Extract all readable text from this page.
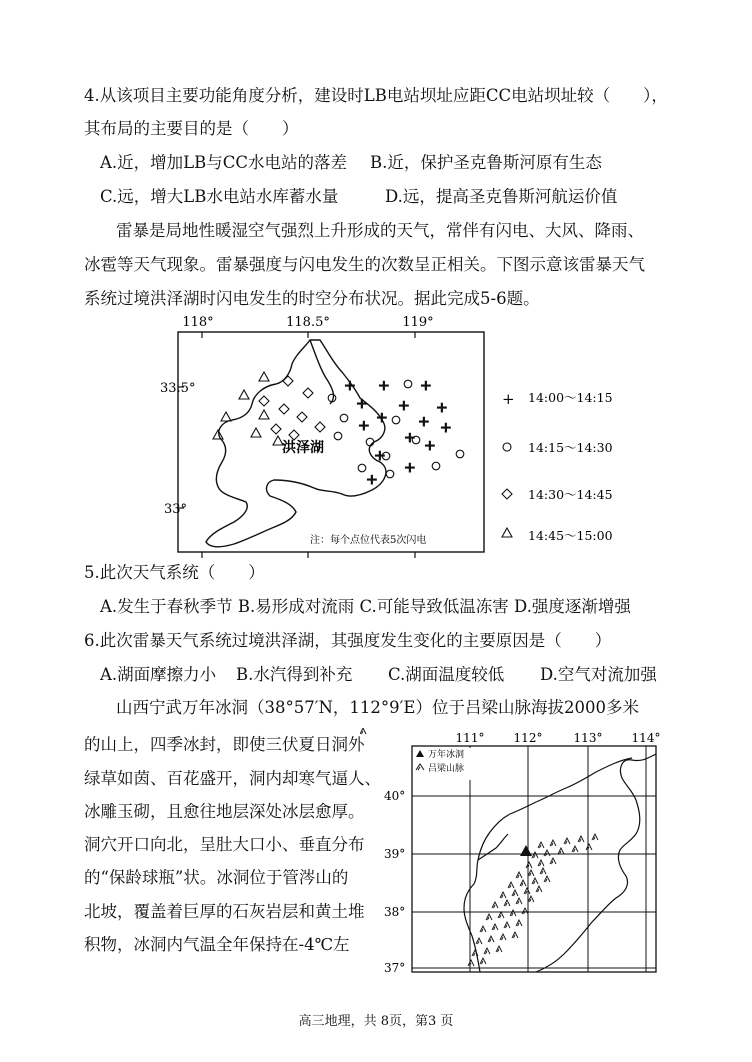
4.从该项目主要功能角度分析，建设时LB电站坝址应距CC电站坝址较（　　），
其布局的主要目的是（　　）
A.近，增加LB与CC水电站的落差 B.近，保护圣克鲁斯河原有生态
C.远，增大LB水电站水库蓄水量	D.远，提高圣克鲁斯河航运价值
雷暴是局地性暖湿空气强烈上升形成的天气，常伴有闪电、大风、降雨、
冰雹等天气现象。雷暴强度与闪电发生的次数呈正相关。下图示意该雷暴天气
系统过境洪泽湖时闪电发生的时空分布状况。据此完成5-6题。
118°	118.5°	119°
33.5°
33°
洪泽湖
+ + +
+ + +
+ +
+	+
+ +
+
+
+
注：每个点位代表5次闪电
+ 14:00～14:15
14:15～14:30
14:30～14:45
14:45～15:00
5.此次天气系统（　　）
A.发生于春秋季节 B.易形成对流雨 C.可能导致低温冻害 D.强度逐渐增强
6.此次雷暴天气系统过境洪泽湖，其强度发生变化的主要原因是（　　）
A.湖面摩擦力小 B.水汽得到补充 C.湖面温度较低 D.空气对流加强
山西宁武万年冰洞（38°57′N，112°9′E）位于吕梁山脉海拔2000多米
的山上，四季冰封，即使三伏夏日洞外
绿草如茵、百花盛开，洞内却寒气逼人、
冰雕玉砌，且愈往地层深处冰层愈厚。
洞穴开口向北，呈肚大口小、垂直分布
的“保龄球瓶”状。冰洞位于管涔山的
北坡，覆盖着巨厚的石灰岩层和黄土堆
积物，冰洞内气温全年保持在-4℃左
111° 112°	113° 114°
40°
39°
38°
37°
万年冰洞
吕梁山脉
高三地理，共 8页，第3 页
